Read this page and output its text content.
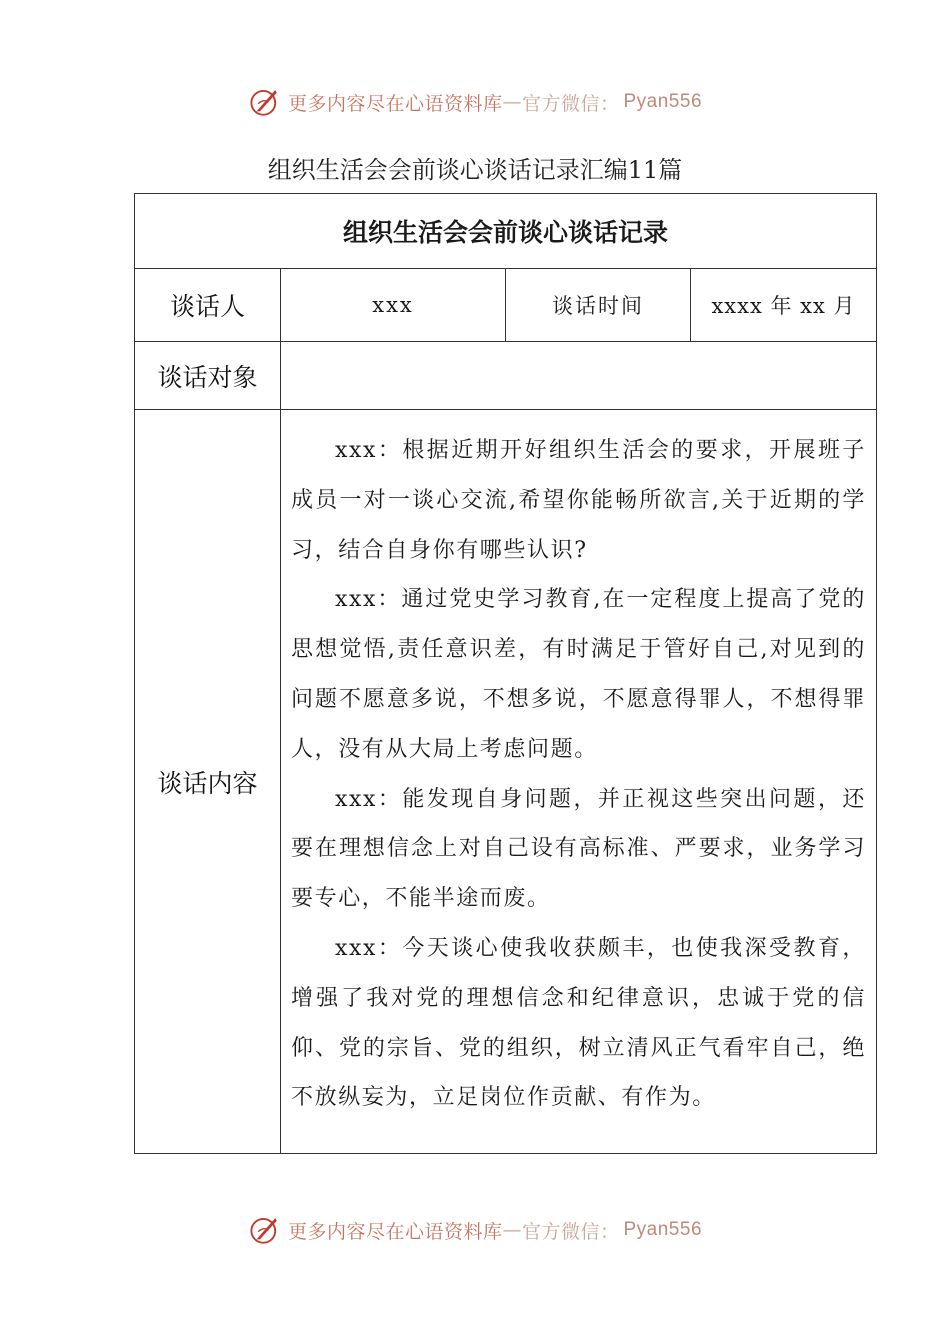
更多内容尽在心语资料库 — 官方微信： Pyan556
组织生活会会前谈心谈话记录汇编11篇
组织生活会会前谈心谈话记录			
谈话人	xxx	谈话时间	xxxx 年 xx 月
谈话对象			
谈话内容	xxx：根据近期开好组织生活会的要求，开展班子成员一对一谈心交流,希望你能畅所欲言,关于近期的学习，结合自身你有哪些认识?

xxx：通过党史学习教育,在一定程度上提高了党的思想觉悟,责任意识差，有时满足于管好自己,对见到的问题不愿意多说，不想多说，不愿意得罪人，不想得罪人，没有从大局上考虑问题。

xxx：能发现自身问题，并正视这些突出问题，还要在理想信念上对自己设有高标准、严要求，业务学习要专心，不能半途而废。

xxx：今天谈心使我收获颇丰，也使我深受教育，增强了我对党的理想信念和纪律意识，忠诚于党的信仰、党的宗旨、党的组织，树立清风正气看牢自己，绝不放纵妄为，立足岗位作贡献、有作为。		

更多内容尽在心语资料库 — 官方微信： Pyan556
